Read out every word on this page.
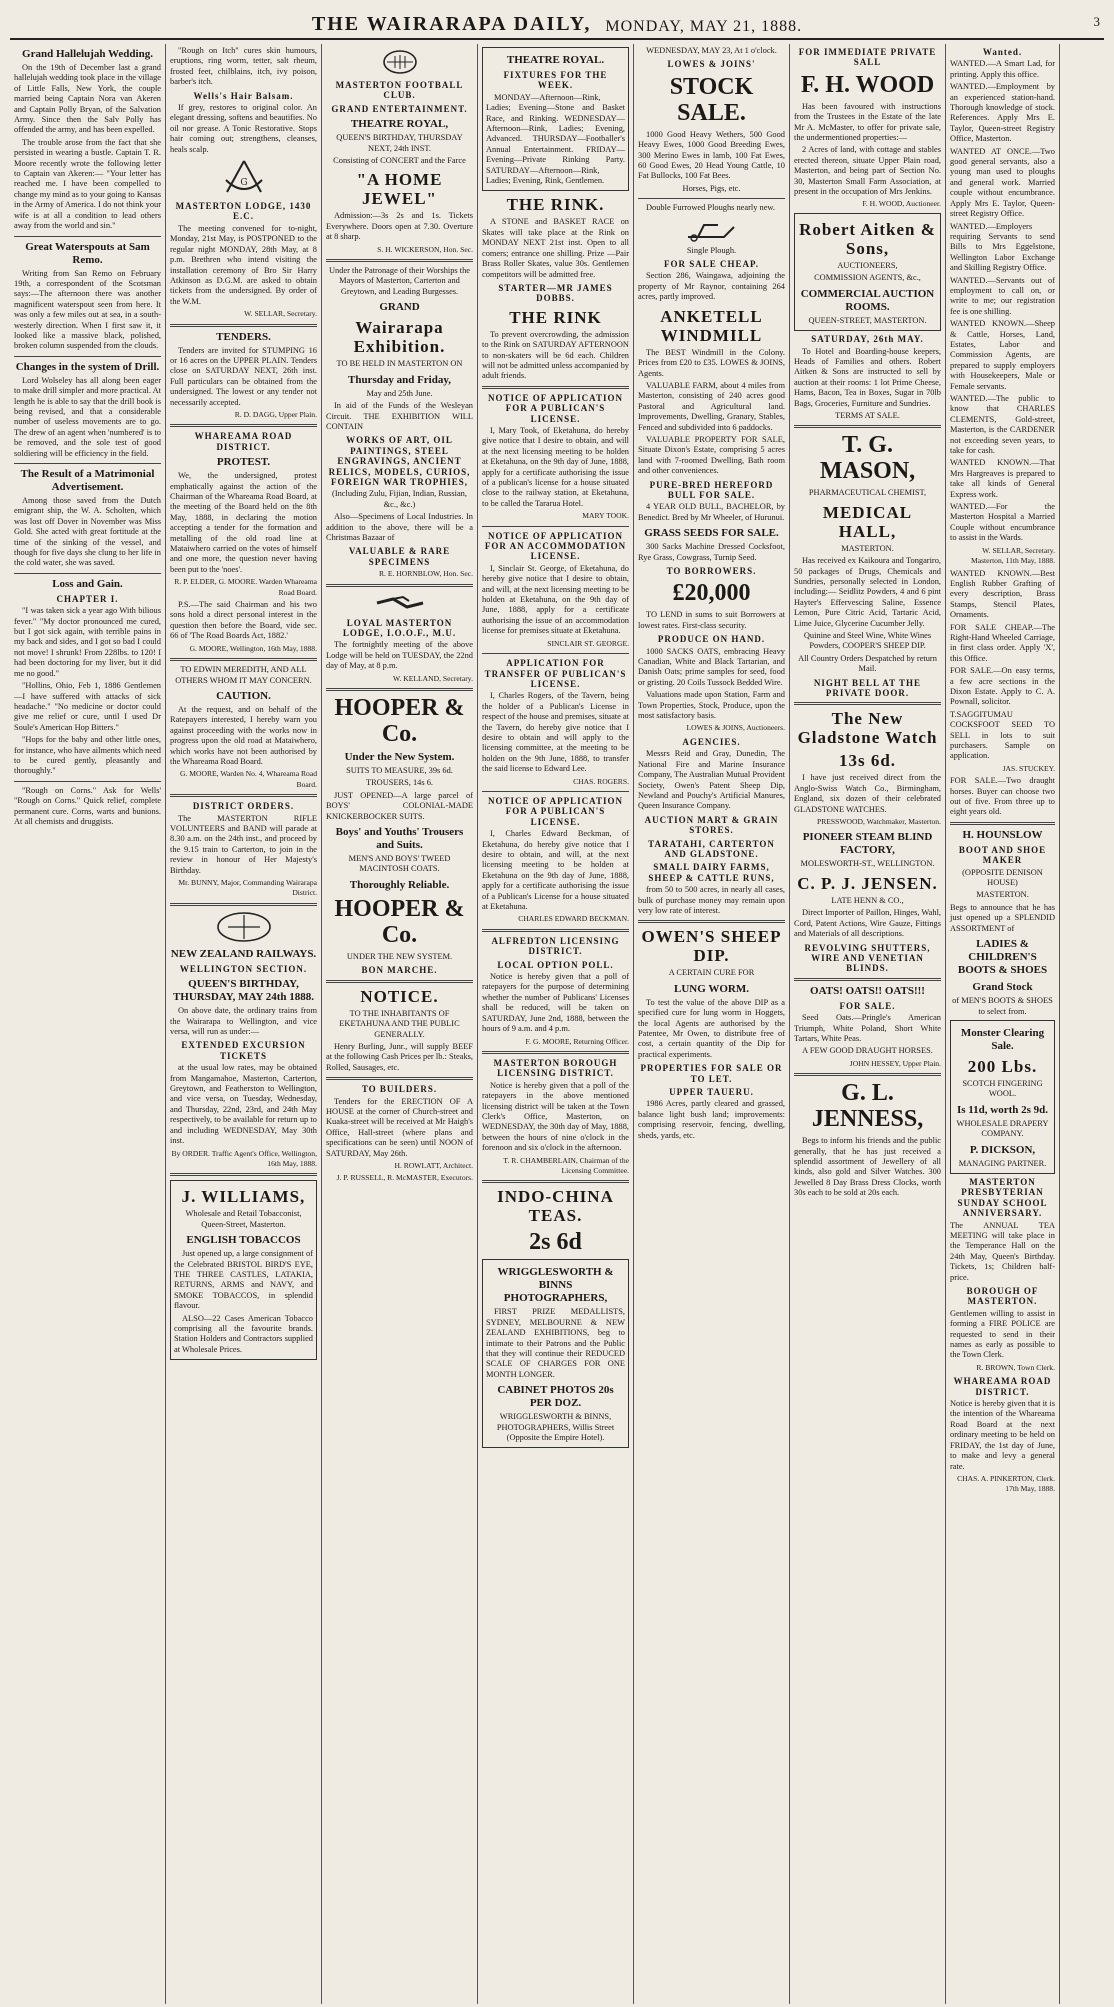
THE WAIRARAPA DAILY, MONDAY, MAY 21, 1888.	3
Grand Hallelujah Wedding.

On the 19th of December last a grand hallelujah wedding took place in the village of Little Falls, New York, the couple married being Captain Nora van Akeren and Captain Polly Bryan, of the Salvation Army. Since then the Salv Polly has offended the army, and has been expelled.

The trouble arose from the fact that she persisted in wearing a bustle. Captain T. R. Moore recently wrote the following letter to Captain van Akeren:— "Your letter has reached me. I have been compelled to change my mind as to your going to Kansas in the Army of America. I do not think your wife is at all a condition to lead others away from the world and sin."

Great Waterspouts at Sam Remo.

Writing from San Remo on February 19th, a correspondent of the Scotsman says:—The afternoon there was another magnificent waterspout seen from here. It was only a few miles out at sea, in a south-westerly direction. When I first saw it, it looked like a massive black, polished, broken column suspended from the clouds.

Changes in the system of Drill.

Lord Wolseley has all along been eager to make drill simpler and more practical. At length he is able to say that the drill book is being revised, and that a considerable number of useless movements are to go. The drew of an agent when 'numbered' is to be removed, and the sole test of good soldiering will be efficiency in the field.

The Result of a Matrimonial Advertisement.

Among those saved from the Dutch emigrant ship, the W. A. Scholten, which was lost off Dover in November was Miss Gold. She acted with great fortitude at the time of the sinking of the vessel, and though for five days she clung to her life in the cold water, she was saved.

Loss and Gain.
CHAPTER I.

"I was taken sick a year ago With bilious fever." "My doctor pronounced me cured, but I got sick again, with terrible pains in my back and sides, and I got so bad I could not move! I shrunk! From 228lbs. to 120! I had been doctoring for my liver, but it did me no good."

"Hollins, Ohio, Feb 1, 1886 Gentlemen —I have suffered with attacks of sick headache." "No medicine or doctor could give me relief or cure, until I used Dr Soule's American Hop Bitters."

"Hops for the baby and other little ones, for instance, who have ailments which need to be cured gently, pleasantly and thoroughly."

"Rough on Corns." Ask for Wells' "Rough on Corns." Quick relief, complete permanent cure. Corns, warts and bunions. At all chemists and druggists.

"Rough on Itch" cures skin humours, eruptions, ring worm, tetter, salt rheum, frosted feet, chilblains, itch, ivy poison, barber's itch.

Wells's Hair Balsam.

If grey, restores to original color. An elegant dressing, softens and beautifies. No oil nor grease. A Tonic Restorative. Stops hair coming out; strengthens, cleanses, heals scalp.

G
MASTERTON LODGE, 1430 E.C.

The meeting convened for to-night, Monday, 21st May, is POSTPONED to the regular night MONDAY, 28th May, at 8 p.m. Brethren who intend visiting the installation ceremony of Bro Sir Harry Atkinson as D.G.M. are asked to obtain tickets from the undersigned. By order of the W.M.

W. SELLAR, Secretary.

TENDERS.

Tenders are invited for STUMPING 16 or 16 acres on the UPPER PLAIN. Tenders close on SATURDAY NEXT, 26th inst. Full particulars can be obtained from the undersigned. The lowest or any tender not necessarily accepted.

R. D. DAGG, Upper Plain.

WHAREAMA ROAD DISTRICT.
PROTEST.

We, the undersigned, protest emphatically against the action of the Chairman of the Whareama Road Board, at the meeting of the Board held on the 8th May, 1888, in declaring the motion accepting a tender for the formation and metalling of the old road line at Mataiwhero carried on the votes of himself and one more, the question never having been put to the 'noes'.

R. P. ELDER, G. MOORE. Warden Whareama Road Board.

P.S.—The said Chairman and his two sons hold a direct personal interest in the question then before the Board, vide sec. 66 of 'The Road Boards Act, 1882.'

G. MOORE, Wellington, 16th May, 1888.

TO EDWIN MEREDITH, AND ALL OTHERS WHOM IT MAY CONCERN.

CAUTION.

At the request, and on behalf of the Ratepayers interested, I hereby warn you against proceeding with the works now in progress upon the old road at Mataiwhero, which works have not been authorised by the Whareama Road Board.

G. MOORE, Warden No. 4, Whareama Road Board.

DISTRICT ORDERS.

The MASTERTON RIFLE VOLUNTEERS and BAND will parade at 8.30 a.m. on the 24th inst., and proceed by the 9.15 train to Carterton, to join in the review in honour of Her Majesty's Birthday.

Mr. BUNNY, Major, Commanding Wairarapa District.

NEW ZEALAND RAILWAYS.
WELLINGTON SECTION.
QUEEN'S BIRTHDAY, THURSDAY, MAY 24th 1888.

On above date, the ordinary trains from the Wairarapa to Wellington, and vice versa, will run as under:—

EXTENDED EXCURSION TICKETS

at the usual low rates, may be obtained from Mangamahoe, Masterton, Carterton, Greytown, and Featherston to Wellington, and vice versa, on Tuesday, Wednesday, and Thursday, 22nd, 23rd, and 24th May respectively, to be available for return up to and including WEDNESDAY, May 30th inst.

By ORDER. Traffic Agent's Office, Wellington, 16th May, 1888.

J. WILLIAMS,

Wholesale and Retail Tobacconist, Queen-Street, Masterton.

ENGLISH TOBACCOS

Just opened up, a large consignment of the Celebrated BRISTOL BIRD'S EYE, THE THREE CASTLES, LATAKIA, RETURNS, ARMS and NAVY, and SMOKE TOBACCOS, in splendid flavour.

ALSO—22 Cases American Tobacco comprising all the favourite brands. Station Holders and Contractors supplied at Wholesale Prices.

MASTERTON FOOTBALL CLUB.
GRAND ENTERTAINMENT.
THEATRE ROYAL,

QUEEN'S BIRTHDAY, THURSDAY NEXT, 24th INST.

Consisting of CONCERT and the Farce

"A HOME JEWEL"

Admission:—3s 2s and 1s. Tickets Everywhere. Doors open at 7.30. Overture at 8 sharp.

S. H. WICKERSON, Hon. Sec.

Under the Patronage of their Worships the Mayors of Masterton, Carterton and Greytown, and Leading Burgesses.

GRAND
Wairarapa Exhibition.

TO BE HELD IN MASTERTON ON

Thursday and Friday,

May and 25th June.

In aid of the Funds of the Wesleyan Circuit. THE EXHIBITION WILL CONTAIN

WORKS OF ART, OIL PAINTINGS, STEEL ENGRAVINGS, ANCIENT RELICS, MODELS, CURIOS, FOREIGN WAR TROPHIES,

(Including Zulu, Fijian, Indian, Russian, &c., &c.)

Also—Specimens of Local Industries. In addition to the above, there will be a Christmas Bazaar of

VALUABLE & RARE SPECIMENS

R. E. HORNBLOW, Hon. Sec.

LOYAL MASTERTON LODGE, I.O.O.F., M.U.

The fortnightly meeting of the above Lodge will be held on TUESDAY, the 22nd day of May, at 8 p.m.

W. KELLAND, Secretary.

HOOPER & Co.
Under the New System.

SUITS TO MEASURE, 39s 6d.

TROUSERS, 14s 6.

JUST OPENED—A large parcel of BOYS' COLONIAL-MADE KNICKERBOCKER SUITS.

Boys' and Youths' Trousers and Suits.

MEN'S AND BOYS' TWEED MACINTOSH COATS.

Thoroughly Reliable.
HOOPER & Co.

UNDER THE NEW SYSTEM.

BON MARCHE.
NOTICE.

TO THE INHABITANTS OF EKETAHUNA AND THE PUBLIC GENERALLY.

Henry Burling, Junr., will supply BEEF at the following Cash Prices per lb.: Steaks, Rolled, Sausages, etc.

TO BUILDERS.

Tenders for the ERECTION OF A HOUSE at the corner of Church-street and Kuaka-street will be received at Mr Haigh's Office, Hall-street (where plans and specifications can be seen) until NOON of SATURDAY, May 26th.

H. ROWLATT, Architect.

J. P. RUSSELL, R. McMASTER, Executors.

THEATRE ROYAL.
FIXTURES FOR THE WEEK.

MONDAY—Afternoon—Rink, Ladies; Evening—Stone and Basket Race, and Rinking. WEDNESDAY—Afternoon—Rink, Ladies; Evening, Advanced. THURSDAY—Footballer's Annual Entertainment. FRIDAY—Evening—Private Rinking Party. SATURDAY—Afternoon—Rink, Ladies; Evening, Rink, Gentlemen.

THE RINK.

A STONE and BASKET RACE on Skates will take place at the Rink on MONDAY NEXT 21st inst. Open to all comers; entrance one shilling. Prize —Pair Brass Roller Skates, value 30s. Gentlemen competitors will be admitted free.

STARTER—MR JAMES DOBBS.
THE RINK

To prevent overcrowding, the admission to the Rink on SATURDAY AFTERNOON to non-skaters will be 6d each. Children will not be admitted unless accompanied by adult friends.

NOTICE OF APPLICATION FOR A PUBLICAN'S LICENSE.

I, Mary Took, of Eketahuna, do hereby give notice that I desire to obtain, and will at the next licensing meeting to be holden at Eketahuna, on the 9th day of June, 1888, apply for a certificate authorising the issue of a publican's license for a house situated close to the railway station, at Eketahuna, to be called the Tararua Hotel.

MARY TOOK.

NOTICE OF APPLICATION FOR AN ACCOMMODATION LICENSE.

I, Sinclair St. George, of Eketahuna, do hereby give notice that I desire to obtain, and will, at the next licensing meeting to be holden at Eketahuna, on the 9th day of June, 1888, apply for a certificate authorising the issue of an accommodation license for premises situate at Eketahuna.

SINCLAIR ST. GEORGE.

APPLICATION FOR TRANSFER OF PUBLICAN'S LICENSE.

I, Charles Rogers, of the Tavern, being the holder of a Publican's License in respect of the house and premises, situate at the Tavern, do hereby give notice that I desire to obtain and will apply to the licensing committee, at the meeting to be holden on the 9th June, 1888, to transfer the said license to Edward Lee.

CHAS. ROGERS.

NOTICE OF APPLICATION FOR A PUBLICAN'S LICENSE.

I, Charles Edward Beckman, of Eketahuna, do hereby give notice that I desire to obtain, and will, at the next licensing meeting to be holden at Eketahuna on the 9th day of June, 1888, apply for a certificate authorising the issue of a Publican's License for a house situated at Eketahuna.

CHARLES EDWARD BECKMAN.

ALFREDTON LICENSING DISTRICT.
LOCAL OPTION POLL.

Notice is hereby given that a poll of ratepayers for the purpose of determining whether the number of Publicans' Licenses shall be reduced, will be taken on SATURDAY, June 2nd, 1888, between the hours of 9 a.m. and 4 p.m.

F. G. MOORE, Returning Officer.

MASTERTON BOROUGH LICENSING DISTRICT.

Notice is hereby given that a poll of the ratepayers in the above mentioned licensing district will be taken at the Town Clerk's Office, Masterton, on WEDNESDAY, the 30th day of May, 1888, between the hours of nine o'clock in the forenoon and six o'clock in the afternoon.

T. R. CHAMBERLAIN, Chairman of the Licensing Committee.

INDO-CHINA TEAS.
2s 6d
WRIGGLESWORTH & BINNS PHOTOGRAPHERS,

FIRST PRIZE MEDALLISTS, SYDNEY, MELBOURNE & NEW ZEALAND EXHIBITIONS, beg to intimate to their Patrons and the Public that they will continue their REDUCED SCALE OF CHARGES FOR ONE MONTH LONGER.

CABINET PHOTOS 20s PER DOZ.

WRIGGLESWORTH & BINNS, PHOTOGRAPHERS, Willis Street (Opposite the Empire Hotel).

WEDNESDAY, MAY 23, At 1 o'clock.

LOWES & JOINS'
STOCK SALE.

1000 Good Heavy Wethers, 500 Good Heavy Ewes, 1000 Good Breeding Ewes, 300 Merino Ewes in lamb, 100 Fat Ewes, 60 Good Ewes, 20 Head Young Cattle, 10 Fat Bullocks, 100 Fat Bees.

Horses, Pigs, etc.

Double Furrowed Ploughs nearly new.

Single Plough.

FOR SALE CHEAP.

Section 286, Waingawa, adjoining the property of Mr Raynor, containing 264 acres, partly improved.

ANKETELL WINDMILL

The BEST Windmill in the Colony. Prices from £20 to £35. LOWES & JOINS, Agents.

VALUABLE FARM, about 4 miles from Masterton, consisting of 240 acres good Pastoral and Agricultural land. Improvements, Dwelling, Granary, Stables, Fenced and subdivided into 6 paddocks.

VALUABLE PROPERTY FOR SALE, Situate Dixon's Estate, comprising 5 acres land with 7-roomed Dwelling, Bath room and other conveniences.

PURE-BRED HEREFORD BULL FOR SALE.

4 YEAR OLD BULL, BACHELOR, by Benedict. Bred by Mr Wheeler, of Hurunui.

GRASS SEEDS FOR SALE.

300 Sacks Machine Dressed Cocksfoot, Rye Grass, Cowgrass, Turnip Seed.

TO BORROWERS.
£20,000

TO LEND in sums to suit Borrowers at lowest rates. First-class security.

PRODUCE ON HAND.

1000 SACKS OATS, embracing Heavy Canadian, White and Black Tartarian, and Danish Oats; prime samples for seed, food or gristing. 20 Coils Tussock Bedded Wire.

Valuations made upon Station, Farm and Town Properties, Stock, Produce, upon the most satisfactory basis.

LOWES & JOINS, Auctioneers.

AGENCIES.

Messrs Reid and Gray, Dunedin, The National Fire and Marine Insurance Company, The Australian Mutual Provident Society, Owen's Patent Sheep Dip, Newland and Pouchy's Artificial Manures, Queen Insurance Company.

AUCTION MART & GRAIN STORES.
TARATAHI, CARTERTON AND GLADSTONE.
SMALL DAIRY FARMS, SHEEP & CATTLE RUNS,

from 50 to 500 acres, in nearly all cases, bulk of purchase money may remain upon very low rate of interest.

OWEN'S SHEEP DIP.

A CERTAIN CURE FOR

LUNG WORM.

To test the value of the above DIP as a specified cure for lung worm in Hoggets, the local Agents are authorised by the Patentee, Mr Owen, to distribute free of cost, a certain quantity of the Dip for practical experiments.

PROPERTIES FOR SALE OR TO LET.
UPPER TAUERU.

1986 Acres, partly cleared and grassed, balance light bush land; improvements: comprising reservoir, fencing, dwelling, sheds, yards, etc.

FOR IMMEDIATE PRIVATE SALL
F. H. WOOD

Has been favoured with instructions from the Trustees in the Estate of the late Mr A. McMaster, to offer for private sale, the undermentioned properties:—

2 Acres of land, with cottage and stables erected thereon, situate Upper Plain road, Masterton, and being part of Section No. 30, Masterton Small Farm Association, at present in the occupation of Mrs Jenkins.

F. H. WOOD, Auctioneer.

Robert Aitken & Sons,

AUCTIONEERS,

COMMISSION AGENTS, &c.,

COMMERCIAL AUCTION ROOMS.

QUEEN-STREET, MASTERTON.

SATURDAY, 26th MAY.

To Hotel and Boarding-house keepers, Heads of Families and others. Robert Aitken & Sons are instructed to sell by auction at their rooms: 1 lot Prime Cheese, Hams, Bacon, Tea in Boxes, Sugar in 70lb Bags, Groceries, Furniture and Sundries.

TERMS AT SALE.

T. G. MASON,

PHARMACEUTICAL CHEMIST,

MEDICAL HALL,

MASTERTON.

Has received ex Kaikoura and Tongariro, 50 packages of Drugs, Chemicals and Sundries, personally selected in London, including:— Seidlitz Powders, 4 and 6 pint Hayter's Effervescing Saline, Essence Lemon, Pure Citric Acid, Tartaric Acid, Lime Juice, Glycerine Cucumber Jelly.

Quinine and Steel Wine, White Wines Powders, COOPER'S SHEEP DIP.

All Country Orders Despatched by return Mail.

NIGHT BELL AT THE PRIVATE DOOR.
The New Gladstone Watch
13s 6d.

I have just received direct from the Anglo-Swiss Watch Co., Birmingham, England, six dozen of their celebrated GLADSTONE WATCHES.

PRESSWOOD, Watchmaker, Masterton.

PIONEER STEAM BLIND FACTORY,

MOLESWORTH-ST., WELLINGTON.

C. P. J. JENSEN.

LATE HENN & CO.,

Direct Importer of Paillon, Hinges, Wahl, Cord, Patent Actions, Wire Gauze, Fittings and Materials of all descriptions.

REVOLVING SHUTTERS, WIRE AND VENETIAN BLINDS.
OATS! OATS!! OATS!!!
FOR SALE.

Seed Oats.—Pringle's American Triumph, White Poland, Short White Tartars, White Peas.

A FEW GOOD DRAUGHT HORSES.

JOHN HESSEY, Upper Plain.

G. L. JENNESS,

Begs to inform his friends and the public generally, that he has just received a splendid assortment of Jewellery of all kinds, also gold and Silver Watches. 300 Jewelled 8 Day Brass Dress Clocks, worth 30s each to be sold at 20s each.

Wanted.

WANTED.—A Smart Lad, for printing. Apply this office.

WANTED.—Employment by an experienced station-hand. Thorough knowledge of stock. References. Apply Mrs E. Taylor, Queen-street Registry Office, Masterton.

WANTED AT ONCE.—Two good general servants, also a young man used to ploughs and general work. Married couple without encumbrance. Apply Mrs E. Taylor, Queen-street Registry Office.

WANTED.—Employers requiring Servants to send Bills to Mrs Eggelstone, Wellington Labor Exchange and Skilling Registry Office.

WANTED.—Servants out of employment to call on, or write to me; our registration fee is one shilling.

WANTED KNOWN.—Sheep & Cattle, Horses, Land, Estates, Labor and Commission Agents, are prepared to supply employers with Housekeepers, Male or Female servants.

WANTED.—The public to know that CHARLES CLEMENTS, Gold-street, Masterton, is the CARDENER not exceeding seven years, to take for cash.

WANTED KNOWN.—That Mrs Hargreaves is prepared to take all kinds of General Express work.

WANTED.—For the Masterton Hospital a Married Couple without encumbrance to assist in the Wards.

W. SELLAR, Secretary. Masterton, 11th May, 1888.

WANTED KNOWN.—Best English Rubber Grafting of every description, Brass Stamps, Stencil Plates, Ornaments.

FOR SALE CHEAP.—The Right-Hand Wheeled Carriage, in first class order. Apply 'X', this Office.

FOR SALE.—On easy terms, a few acre sections in the Dixon Estate. Apply to C. A. Pownall, solicitor.

T.SAGGITUMAU COCKSFOOT SEED TO SELL in lots to suit purchasers. Sample on application.

JAS. STUCKEY.

FOR SALE.—Two draught horses. Buyer can choose two out of five. From three up to eight years old.

H. HOUNSLOW
BOOT AND SHOE MAKER

(OPPOSITE DENISON HOUSE)

MASTERTON.

Begs to announce that he has just opened up a SPLENDID ASSORTMENT of

LADIES & CHILDREN'S BOOTS & SHOES
Grand Stock

of MEN'S BOOTS & SHOES to select from.

Monster Clearing Sale.
200 Lbs.

SCOTCH FINGERING WOOL.

Is 11d, worth 2s 9d.

WHOLESALE DRAPERY COMPANY.

P. DICKSON,

MANAGING PARTNER.

MASTERTON PRESBYTERIAN SUNDAY SCHOOL ANNIVERSARY.

The ANNUAL TEA MEETING will take place in the Temperance Hall on the 24th May, Queen's Birthday. Tickets, 1s; Children half-price.

BOROUGH OF MASTERTON.

Gentlemen willing to assist in forming a FIRE POLICE are requested to send in their names as early as possible to the Town Clerk.

R. BROWN, Town Clerk.

WHAREAMA ROAD DISTRICT.

Notice is hereby given that it is the intention of the Whareama Road Board at the next ordinary meeting to be held on FRIDAY, the 1st day of June, to make and levy a general rate.

CHAS. A. PINKERTON, Clerk. 17th May, 1888.
